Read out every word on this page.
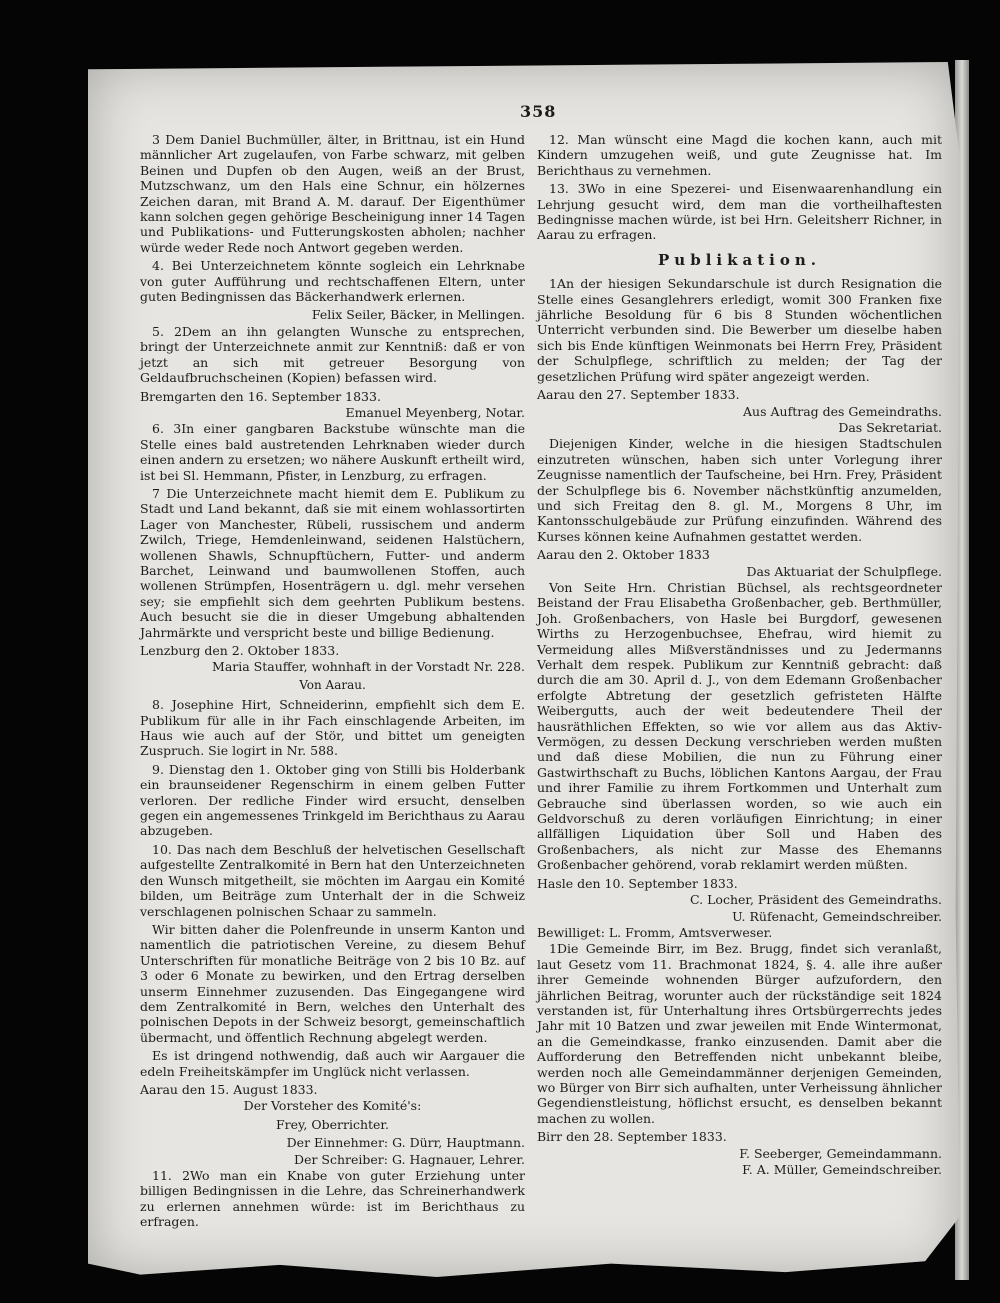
358

3 Dem Daniel Buchmüller, älter, in Brittnau, ist ein Hund männlicher Art zugelaufen, von Farbe schwarz, mit gelben Beinen und Dupfen ob den Augen, weiß an der Brust, Mutzschwanz, um den Hals eine Schnur, ein hölzernes Zeichen daran, mit Brand A. M. darauf. Der Eigenthümer kann solchen gegen gehörige Bescheinigung inner 14 Tagen und Publikations- und Futterungskosten abholen; nachher würde weder Rede noch Antwort gegeben werden.

4. Bei Unterzeichnetem könnte sogleich ein Lehrknabe von guter Aufführung und rechtschaffenen Eltern, unter guten Bedingnissen das Bäckerhandwerk erlernen.

Felix Seiler, Bäcker, in Mellingen.

5. 2Dem an ihn gelangten Wunsche zu entsprechen, bringt der Unterzeichnete anmit zur Kenntniß: daß er von jetzt an sich mit getreuer Besorgung von Geldaufbruchscheinen (Kopien) befassen wird.

Bremgarten den 16. September 1833.

Emanuel Meyenberg, Notar.

6. 3In einer gangbaren Backstube wünschte man die Stelle eines bald austretenden Lehrknaben wieder durch einen andern zu ersetzen; wo nähere Auskunft ertheilt wird, ist bei Sl. Hemmann, Pfister, in Lenzburg, zu erfragen.

7 Die Unterzeichnete macht hiemit dem E. Publikum zu Stadt und Land bekannt, daß sie mit einem wohlassortirten Lager von Manchester, Rübeli, russischem und anderm Zwilch, Triege, Hemdenleinwand, seidenen Halstüchern, wollenen Shawls, Schnupftüchern, Futter- und anderm Barchet, Leinwand und baumwollenen Stoffen, auch wollenen Strümpfen, Hosenträgern u. dgl. mehr versehen sey; sie empfiehlt sich dem geehrten Publikum bestens. Auch besucht sie die in dieser Umgebung abhaltenden Jahrmärkte und verspricht beste und billige Bedienung.

Lenzburg den 2. Oktober 1833.

Maria Stauffer, wohnhaft in der Vorstadt Nr. 228.

Von Aarau.

8. Josephine Hirt, Schneiderinn, empfiehlt sich dem E. Publikum für alle in ihr Fach einschlagende Arbeiten, im Haus wie auch auf der Stör, und bittet um geneigten Zuspruch. Sie logirt in Nr. 588.

9. Dienstag den 1. Oktober ging von Stilli bis Holderbank ein braunseidener Regenschirm in einem gelben Futter verloren. Der redliche Finder wird ersucht, denselben gegen ein angemessenes Trinkgeld im Berichthaus zu Aarau abzugeben.

10. Das nach dem Beschluß der helvetischen Gesellschaft aufgestellte Zentralkomité in Bern hat den Unterzeichneten den Wunsch mitgetheilt, sie möchten im Aargau ein Komité bilden, um Beiträge zum Unterhalt der in die Schweiz verschlagenen polnischen Schaar zu sammeln.

Wir bitten daher die Polenfreunde in unserm Kanton und namentlich die patriotischen Vereine, zu diesem Behuf Unterschriften für monatliche Beiträge von 2 bis 10 Bz. auf 3 oder 6 Monate zu bewirken, und den Ertrag derselben unserm Einnehmer zuzusenden. Das Eingegangene wird dem Zentralkomité in Bern, welches den Unterhalt des polnischen Depots in der Schweiz besorgt, gemeinschaftlich übermacht, und öffentlich Rechnung abgelegt werden.

Es ist dringend nothwendig, daß auch wir Aargauer die edeln Freiheitskämpfer im Unglück nicht verlassen.

Aarau den 15. August 1833.

Der Vorsteher des Komité's:

Frey, Oberrichter.

Der Einnehmer: G. Dürr, Hauptmann.

Der Schreiber: G. Hagnauer, Lehrer.

11. 2Wo man ein Knabe von guter Erziehung unter billigen Bedingnissen in die Lehre, das Schreinerhandwerk zu erlernen annehmen würde: ist im Berichthaus zu erfragen.

12. Man wünscht eine Magd die kochen kann, auch mit Kindern umzugehen weiß, und gute Zeugnisse hat. Im Berichthaus zu vernehmen.

13. 3Wo in eine Spezerei- und Eisenwaarenhandlung ein Lehrjung gesucht wird, dem man die vortheilhaftesten Bedingnisse machen würde, ist bei Hrn. Geleitsherr Richner, in Aarau zu erfragen.

Publikation.

1An der hiesigen Sekundarschule ist durch Resignation die Stelle eines Gesanglehrers erledigt, womit 300 Franken fixe jährliche Besoldung für 6 bis 8 Stunden wöchentlichen Unterricht verbunden sind. Die Bewerber um dieselbe haben sich bis Ende künftigen Weinmonats bei Herrn Frey, Präsident der Schulpflege, schriftlich zu melden; der Tag der gesetzlichen Prüfung wird später angezeigt werden.

Aarau den 27. September 1833.

Aus Auftrag des Gemeindraths.

Das Sekretariat.

Diejenigen Kinder, welche in die hiesigen Stadtschulen einzutreten wünschen, haben sich unter Vorlegung ihrer Zeugnisse namentlich der Taufscheine, bei Hrn. Frey, Präsident der Schulpflege bis 6. November nächstkünftig anzumelden, und sich Freitag den 8. gl. M., Morgens 8 Uhr, im Kantonsschulgebäude zur Prüfung einzufinden. Während des Kurses können keine Aufnahmen gestattet werden.

Aarau den 2. Oktober 1833

Das Aktuariat der Schulpflege.

Von Seite Hrn. Christian Büchsel, als rechtsgeordneter Beistand der Frau Elisabetha Großenbacher, geb. Berthmüller, Joh. Großenbachers, von Hasle bei Burgdorf, gewesenen Wirths zu Herzogenbuchsee, Ehefrau, wird hiemit zu Vermeidung alles Mißverständnisses und zu Jedermanns Verhalt dem respek. Publikum zur Kenntniß gebracht: daß durch die am 30. April d. J., von dem Edemann Großenbacher erfolgte Abtretung der gesetzlich gefristeten Hälfte Weibergutts, auch der weit bedeutendere Theil der hausräthlichen Effekten, so wie vor allem aus das Aktiv-Vermögen, zu dessen Deckung verschrieben werden mußten und daß diese Mobilien, die nun zu Führung einer Gastwirthschaft zu Buchs, löblichen Kantons Aargau, der Frau und ihrer Familie zu ihrem Fortkommen und Unterhalt zum Gebrauche sind überlassen worden, so wie auch ein Geldvorschuß zu deren vorläufigen Einrichtung; in einer allfälligen Liquidation über Soll und Haben des Großenbachers, als nicht zur Masse des Ehemanns Großenbacher gehörend, vorab reklamirt werden müßten.

Hasle den 10. September 1833.

C. Locher, Präsident des Gemeindraths.

U. Rüfenacht, Gemeindschreiber.

Bewilliget: L. Fromm, Amtsverweser.

1Die Gemeinde Birr, im Bez. Brugg, findet sich veranlaßt, laut Gesetz vom 11. Brachmonat 1824, §. 4. alle ihre außer ihrer Gemeinde wohnenden Bürger aufzufordern, den jährlichen Beitrag, worunter auch der rückständige seit 1824 verstanden ist, für Unterhaltung ihres Ortsbürgerrechts jedes Jahr mit 10 Batzen und zwar jeweilen mit Ende Wintermonat, an die Gemeindkasse, franko einzusenden. Damit aber die Aufforderung den Betreffenden nicht unbekannt bleibe, werden noch alle Gemeindammänner derjenigen Gemeinden, wo Bürger von Birr sich aufhalten, unter Verheissung ähnlicher Gegendienstleistung, höflichst ersucht, es denselben bekannt machen zu wollen.

Birr den 28. September 1833.

F. Seeberger, Gemeindammann.

F. A. Müller, Gemeindschreiber.
